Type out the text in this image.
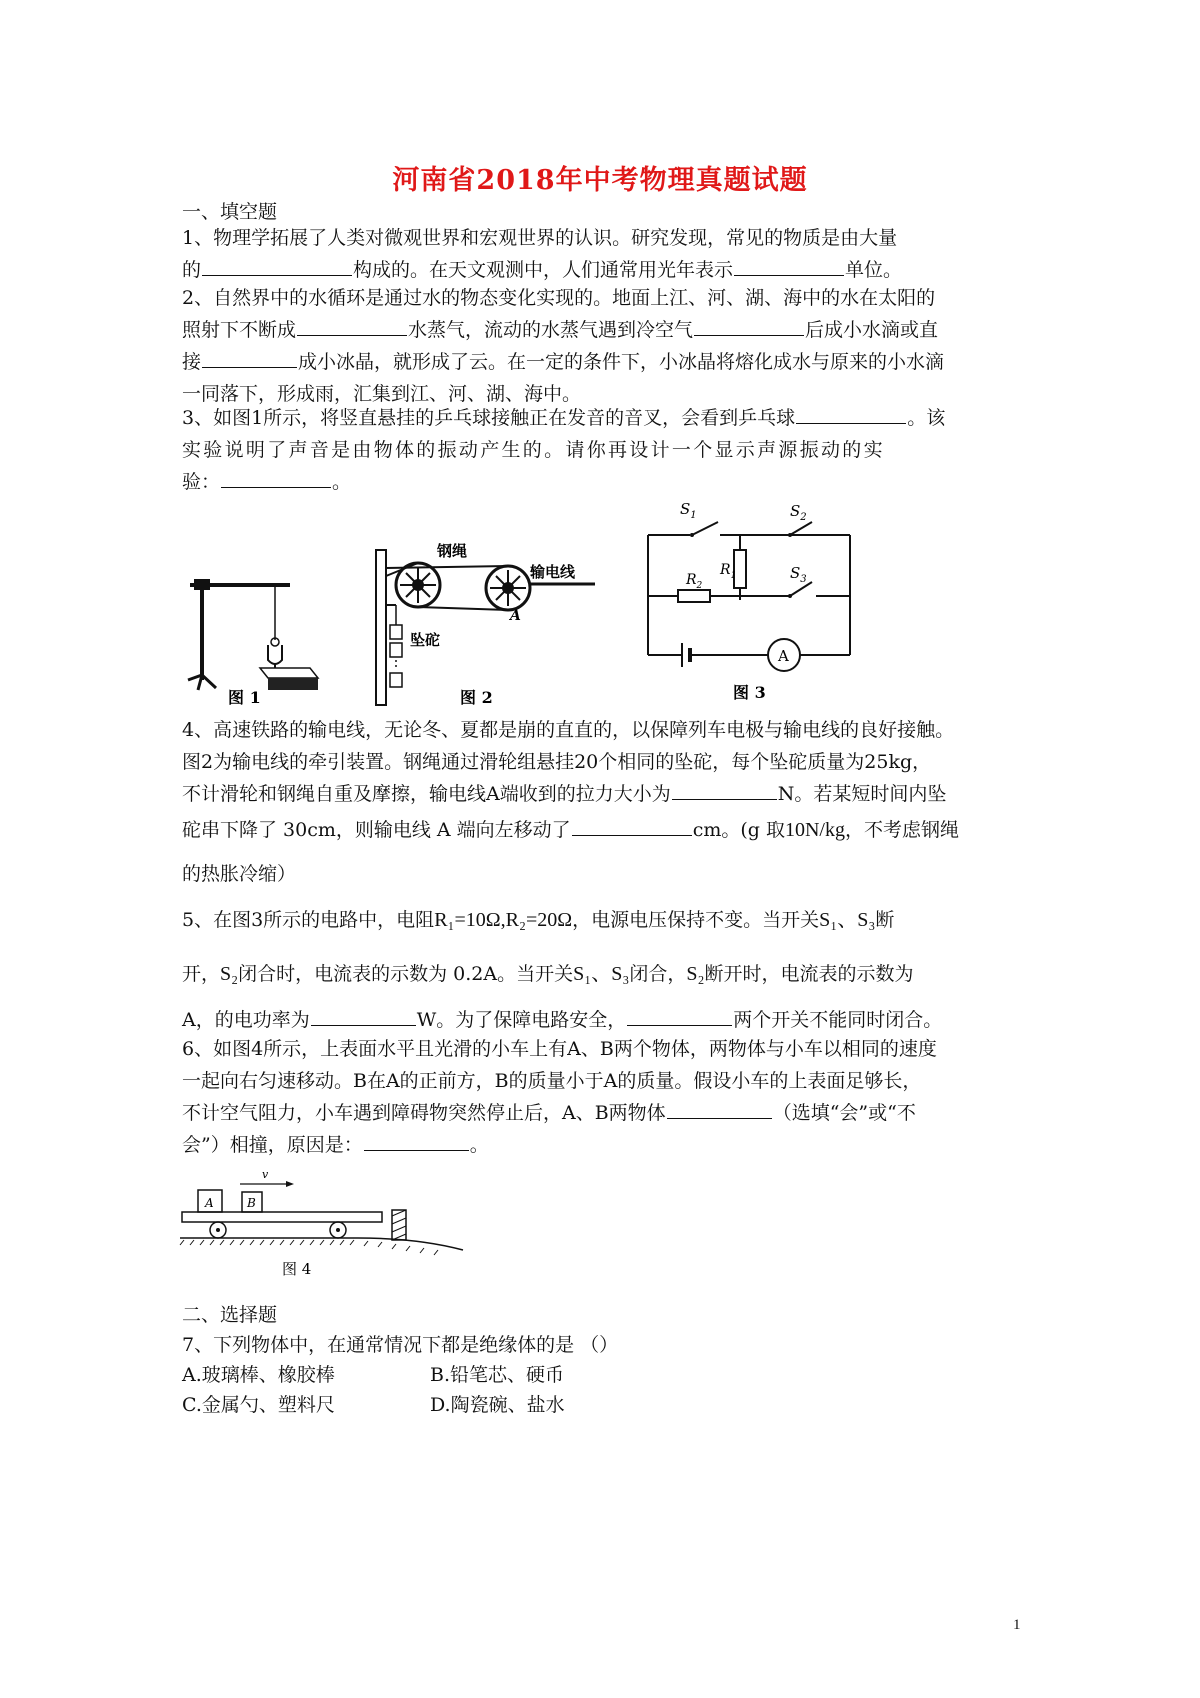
河南省2018年中考物理真题试题
一、填空题

1、物理学拓展了人类对微观世界和宏观世界的认识。研究发现，常见的物质是由大量
的	构成的。在天文观测中，人们通常用光年表示	单位。

2、自然界中的水循环是通过水的物态变化实现的。地面上江、河、湖、海中的水在太阳的
照射下不断成	水蒸气，流动的水蒸气遇到冷空气	后成小水滴或直
接	成小冰晶，就形成了云。在一定的条件下，小冰晶将熔化成水与原来的小水滴
一同落下，形成雨，汇集到江、河、湖、海中。

3、如图1所示，将竖直悬挂的乒乓球接触正在发音的音叉，会看到乒乓球	。该
实验说明了声音是由物体的振动产生的。请你再设计一个显示声源振动的实
验：	。

图 1
钢绳
输电线
A
坠砣
图 2
A
$S_1$	$S_2$
$S_3$
$R_1$
$R_2$
图 3

4、高速铁路的输电线，无论冬、夏都是崩的直直的，以保障列车电极与输电线的良好接触。
图2为输电线的牵引装置。钢绳通过滑轮组悬挂20个相同的坠砣，每个坠砣质量为25kg，
不计滑轮和钢绳自重及摩擦，输电线A端收到的拉力大小为	N。若某短时间内坠

砣串下降了 30cm，则输电线 A 端向左移动了	cm。(g 取10N/kg，不考虑钢绳

的热胀冷缩）

5、在图3所示的电路中，电阻R₁=10Ω,R₂=20Ω，电源电压保持不变。当开关S₁、S₃断

开，S₂闭合时，电流表的示数为 0.2A。当开关S₁、S₃闭合，S₂断开时，电流表的示数为

A，的电功率为	W。为了保障电路安全，	两个开关不能同时闭合。

6、如图4所示，上表面水平且光滑的小车上有A、B两个物体，两物体与小车以相同的速度
一起向右匀速移动。B在A的正前方，B的质量小于A的质量。假设小车的上表面足够长，
不计空气阻力，小车遇到障碍物突然停止后，A、B两物体	（选填“会”或“不
会”）相撞，原因是：	。

v
A	B
图 4
二、选择题
7、下列物体中，在通常情况下都是绝缘体的是 （）
A.玻璃棒、橡胶棒	B.铅笔芯、硬币
C.金属勺、塑料尺	D.陶瓷碗、盐水
1
